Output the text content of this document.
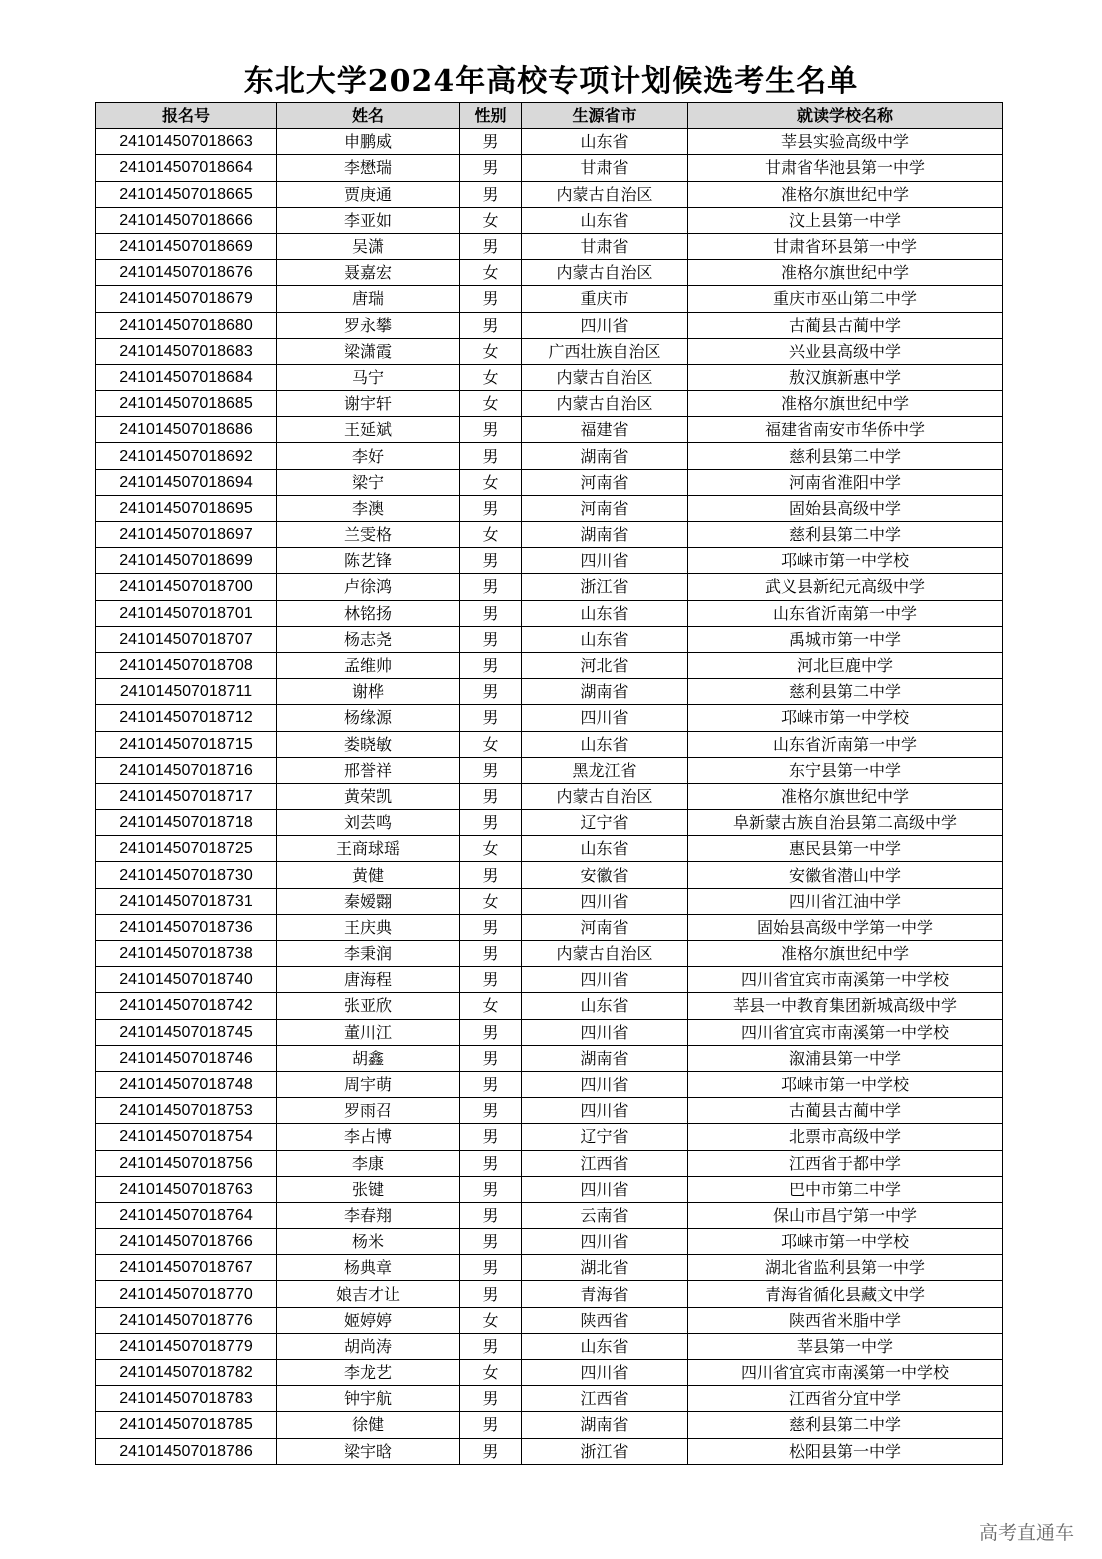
东北大学2024年高校专项计划候选考生名单
报名号	姓名	性别	生源省市	就读学校名称
241014507018663	申鹏威	男	山东省	莘县实验高级中学
241014507018664	李懋瑞	男	甘肃省	甘肃省华池县第一中学
241014507018665	贾庚通	男	内蒙古自治区	准格尔旗世纪中学
241014507018666	李亚如	女	山东省	汶上县第一中学
241014507018669	吴潇	男	甘肃省	甘肃省环县第一中学
241014507018676	聂嘉宏	女	内蒙古自治区	准格尔旗世纪中学
241014507018679	唐瑞	男	重庆市	重庆市巫山第二中学
241014507018680	罗永攀	男	四川省	古蔺县古蔺中学
241014507018683	梁潇霞	女	广西壮族自治区	兴业县高级中学
241014507018684	马宁	女	内蒙古自治区	敖汉旗新惠中学
241014507018685	谢宇轩	女	内蒙古自治区	准格尔旗世纪中学
241014507018686	王延斌	男	福建省	福建省南安市华侨中学
241014507018692	李好	男	湖南省	慈利县第二中学
241014507018694	梁宁	女	河南省	河南省淮阳中学
241014507018695	李澳	男	河南省	固始县高级中学
241014507018697	兰雯格	女	湖南省	慈利县第二中学
241014507018699	陈艺锋	男	四川省	邛崃市第一中学校
241014507018700	卢徐鸿	男	浙江省	武义县新纪元高级中学
241014507018701	林铭扬	男	山东省	山东省沂南第一中学
241014507018707	杨志尧	男	山东省	禹城市第一中学
241014507018708	孟维帅	男	河北省	河北巨鹿中学
241014507018711	谢桦	男	湖南省	慈利县第二中学
241014507018712	杨缘源	男	四川省	邛崃市第一中学校
241014507018715	娄晓敏	女	山东省	山东省沂南第一中学
241014507018716	邢誉祥	男	黑龙江省	东宁县第一中学
241014507018717	黄荣凯	男	内蒙古自治区	准格尔旗世纪中学
241014507018718	刘芸鸣	男	辽宁省	阜新蒙古族自治县第二高级中学
241014507018725	王商球瑶	女	山东省	惠民县第一中学
241014507018730	黄健	男	安徽省	安徽省潜山中学
241014507018731	秦嫒翾	女	四川省	四川省江油中学
241014507018736	王庆典	男	河南省	固始县高级中学第一中学
241014507018738	李秉润	男	内蒙古自治区	准格尔旗世纪中学
241014507018740	唐海程	男	四川省	四川省宜宾市南溪第一中学校
241014507018742	张亚欣	女	山东省	莘县一中教育集团新城高级中学
241014507018745	董川江	男	四川省	四川省宜宾市南溪第一中学校
241014507018746	胡鑫	男	湖南省	溆浦县第一中学
241014507018748	周宇萌	男	四川省	邛崃市第一中学校
241014507018753	罗雨召	男	四川省	古蔺县古蔺中学
241014507018754	李占博	男	辽宁省	北票市高级中学
241014507018756	李康	男	江西省	江西省于都中学
241014507018763	张键	男	四川省	巴中市第二中学
241014507018764	李春翔	男	云南省	保山市昌宁第一中学
241014507018766	杨米	男	四川省	邛崃市第一中学校
241014507018767	杨典章	男	湖北省	湖北省监利县第一中学
241014507018770	娘吉才让	男	青海省	青海省循化县藏文中学
241014507018776	姬婷婷	女	陕西省	陕西省米脂中学
241014507018779	胡尚涛	男	山东省	莘县第一中学
241014507018782	李龙艺	女	四川省	四川省宜宾市南溪第一中学校
241014507018783	钟宇航	男	江西省	江西省分宜中学
241014507018785	徐健	男	湖南省	慈利县第二中学
241014507018786	梁宇晗	男	浙江省	松阳县第一中学
高考直通车
